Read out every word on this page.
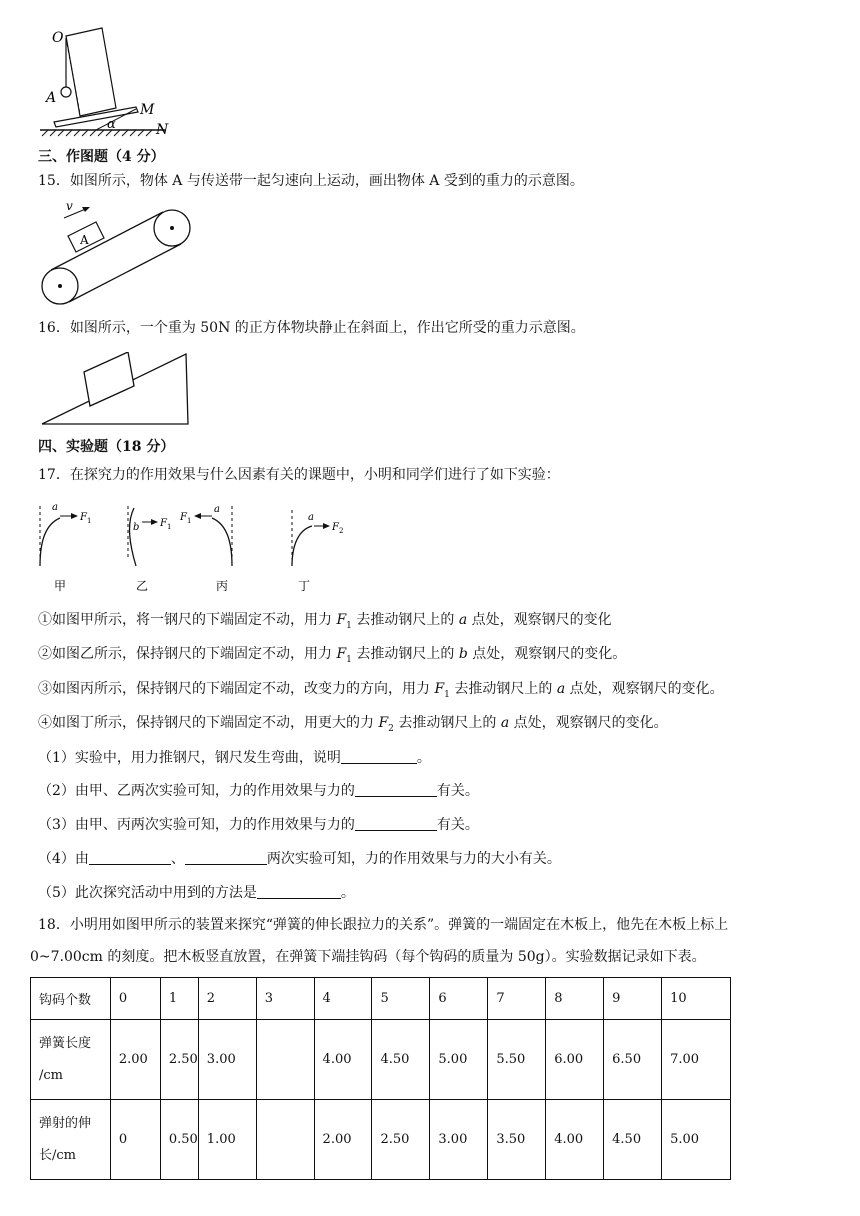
O
A
M
N
α
三、作图题（4 分）
15．如图所示，物体 A 与传送带一起匀速向上运动，画出物体 A 受到的重力的示意图。
A
v
16．如图所示，一个重为 50N 的正方体物块静止在斜面上，作出它所受的重力示意图。
四、实验题（18 分）
17．在探究力的作用效果与什么因素有关的课题中，小明和同学们进行了如下实验：
a
F 1
甲
b F 1
乙
a
F 1
丙
a
F 2
丁
①如图甲所示，将一钢尺的下端固定不动，用力 $F_1$ 去推动钢尺上的 a 点处，观察钢尺的变化
②如图乙所示，保持钢尺的下端固定不动，用力 $F_1$ 去推动钢尺上的 b 点处，观察钢尺的变化。
③如图丙所示，保持钢尺的下端固定不动，改变力的方向，用力 $F_1$ 去推动钢尺上的 a 点处，观察钢尺的变化。
④如图丁所示，保持钢尺的下端固定不动，用更大的力 $F_2$ 去推动钢尺上的 a 点处，观察钢尺的变化。
（1）实验中，用力推钢尺，钢尺发生弯曲，说明	。
（2）由甲、乙两次实验可知，力的作用效果与力的	有关。
（3）由甲、丙两次实验可知，力的作用效果与力的	有关。
（4）由	、	两次实验可知，力的作用效果与力的大小有关。
（5）此次探究活动中用到的方法是	。
18．小明用如图甲所示的装置来探究“弹簧的伸长跟拉力的关系”。弹簧的一端固定在木板上，他先在木板上标上
0~7.00cm 的刻度。把木板竖直放置，在弹簧下端挂钩码（每个钩码的质量为 50g）。实验数据记录如下表。
钩码个数	0	1	2	3	4	5	6	7	8	9	10
弹簧长度
/cm	2.00	2.50	3.00		4.00	4.50	5.00	5.50	6.00	6.50	7.00
弹射的伸
长/cm	0	0.50	1.00		2.00	2.50	3.00	3.50	4.00	4.50	5.00
